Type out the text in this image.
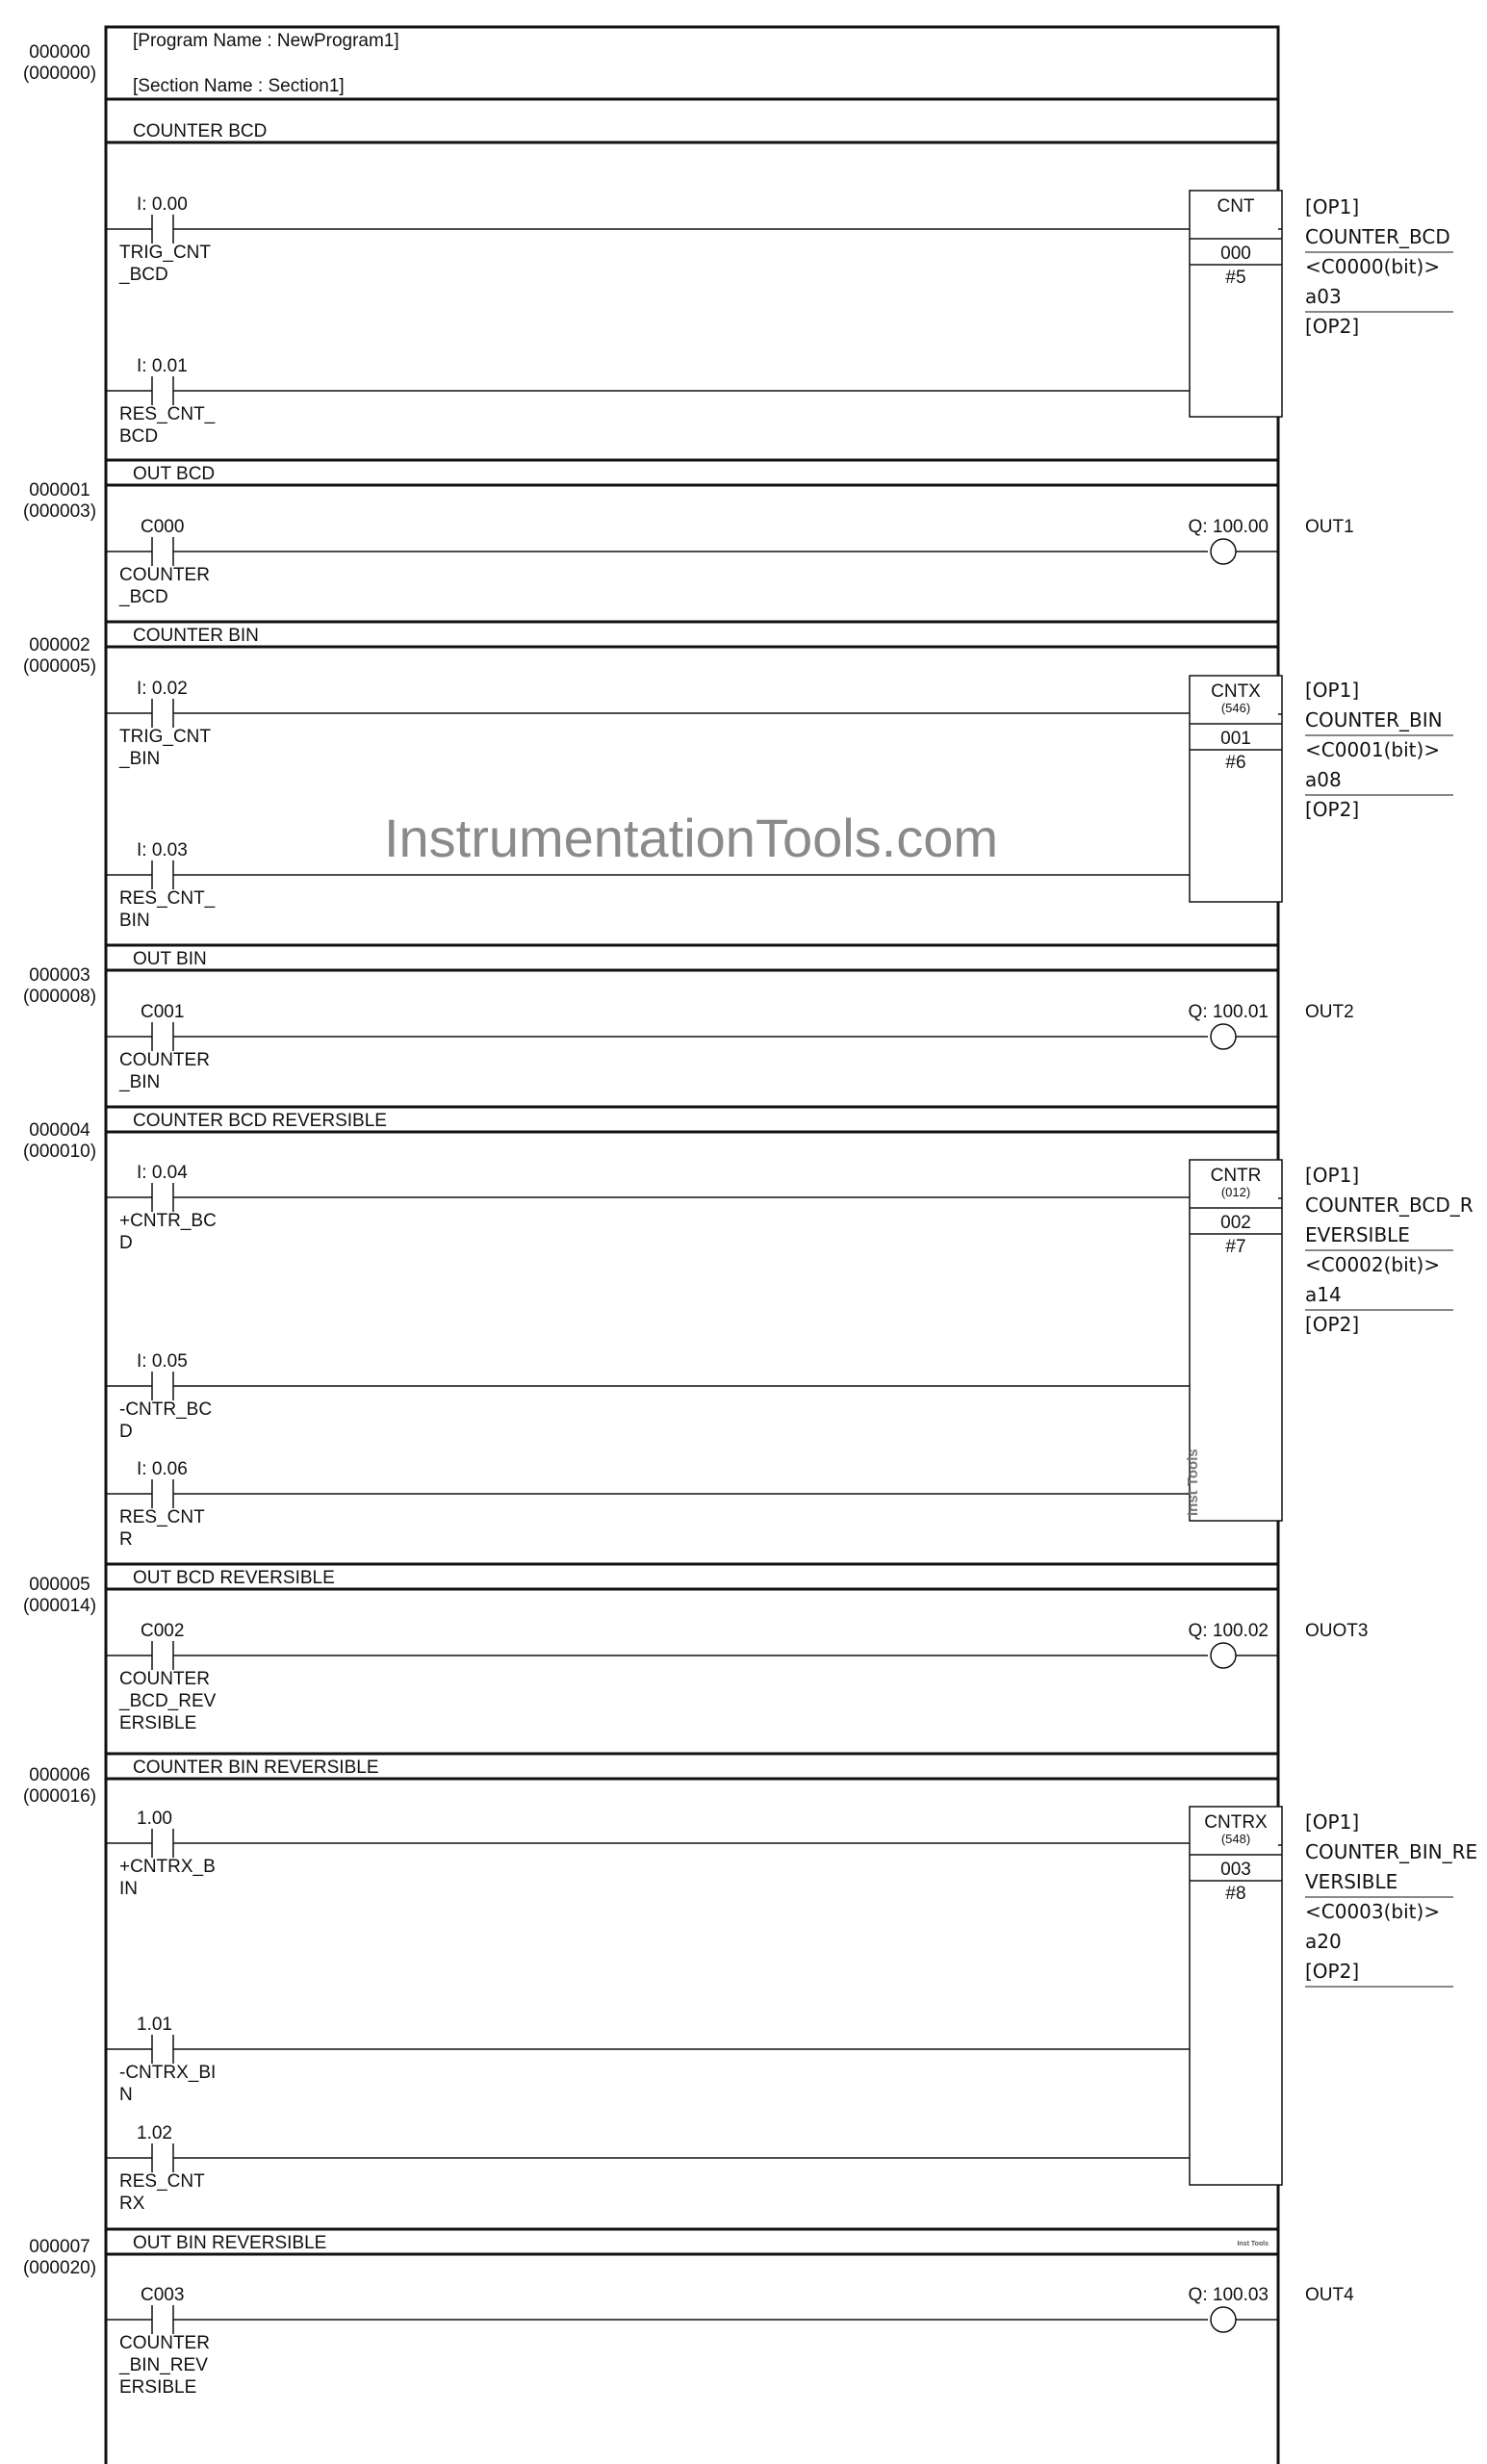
[Program Name : NewProgram1]
[Section Name : Section1]
COUNTER BCD
000000
(000000)
I: 0.00
TRIG_CNT
_BCD
I: 0.01
RES_CNT_
BCD
CNT
000
#5
[OP1]
COUNTER_BCD
<C0000(bit)>
a03
[OP2]
OUT BCD
000001
(000003)
C000
COUNTER
_BCD
Q: 100.00 OUT1
COUNTER BIN
000002
(000005)
I: 0.02
TRIG_CNT
_BIN
I: 0.03
RES_CNT_
BIN
CNTX
(546)
001
#6
[OP1]
COUNTER_BIN
<C0001(bit)>
a08
[OP2]
OUT BIN
000003
(000008)
C001
COUNTER
_BIN
Q: 100.01 OUT2
COUNTER BCD REVERSIBLE
000004
(000010)
I: 0.04
+CNTR_BC
D
I: 0.05
-CNTR_BC
D
I: 0.06
RES_CNT
R
CNTR
(012)
002
#7
[OP1]
COUNTER_BCD_R
EVERSIBLE
<C0002(bit)>
a14
[OP2]
Inst Tools
OUT BCD REVERSIBLE
000005
(000014)
C002
COUNTER
_BCD_REV
ERSIBLE
Q: 100.02 OUOT3
COUNTER BIN REVERSIBLE
000006
(000016)
1.00
+CNTRX_B
IN
1.01
-CNTRX_BI
N
1.02
RES_CNT
RX
CNTRX
(548)
003
#8
[OP1]
COUNTER_BIN_RE
VERSIBLE
<C0003(bit)>
a20
[OP2]
OUT BIN REVERSIBLE
000007
(000020)
C003
COUNTER
_BIN_REV
ERSIBLE
Q: 100.03 OUT4
Inst Tools
InstrumentationTools.com
